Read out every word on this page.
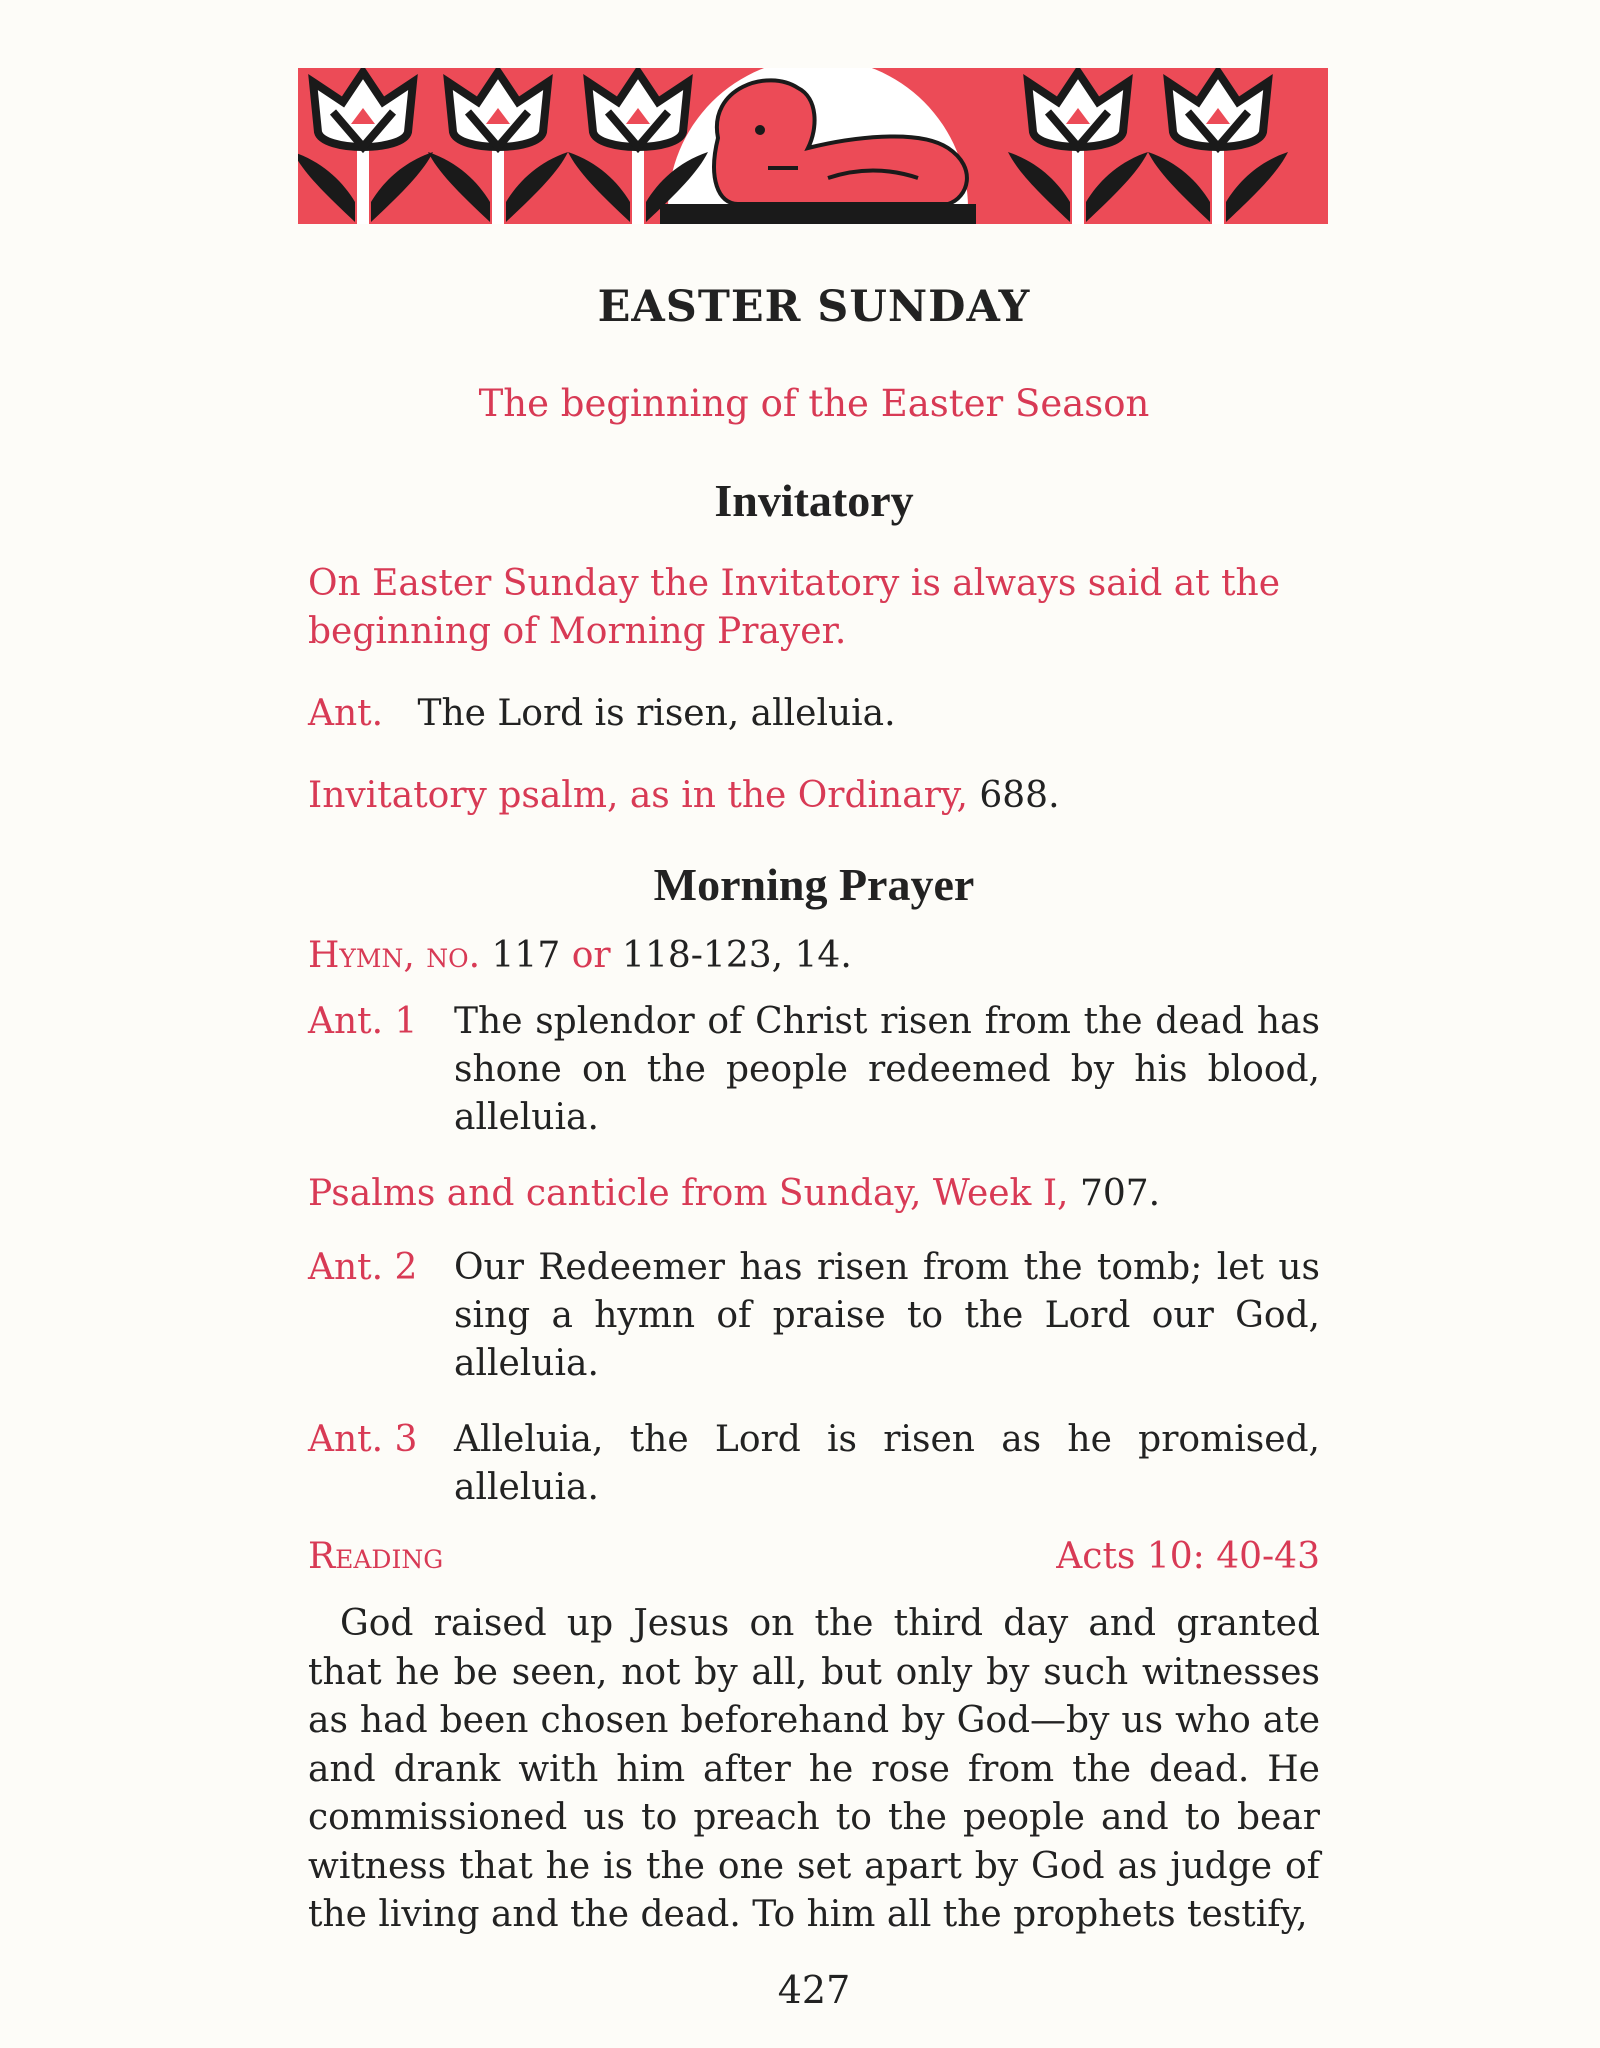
EASTER SUNDAY
The beginning of the Easter Season
Invitatory
On Easter Sunday the Invitatory is always said at the beginning of Morning Prayer.
Ant. The Lord is risen, alleluia.
Invitatory psalm, as in the Ordinary, 688.
Morning Prayer
Hymn, no. 117 or 118-123, 14.
Ant. 1	The splendor of Christ risen from the dead has shone on the people redeemed by his blood, alleluia.
Psalms and canticle from Sunday, Week I, 707.
Ant. 2	Our Redeemer has risen from the tomb; let us sing a hymn of praise to the Lord our God, alleluia.
Ant. 3	Alleluia, the Lord is risen as he promised, alleluia.
Reading	Acts 10: 40-43
God raised up Jesus on the third day and granted that he be seen, not by all, but only by such witnesses as had been chosen beforehand by God—by us who ate and drank with him after he rose from the dead. He commissioned us to preach to the people and to bear witness that he is the one set apart by God as judge of the living and the dead. To him all the prophets testify,
427
